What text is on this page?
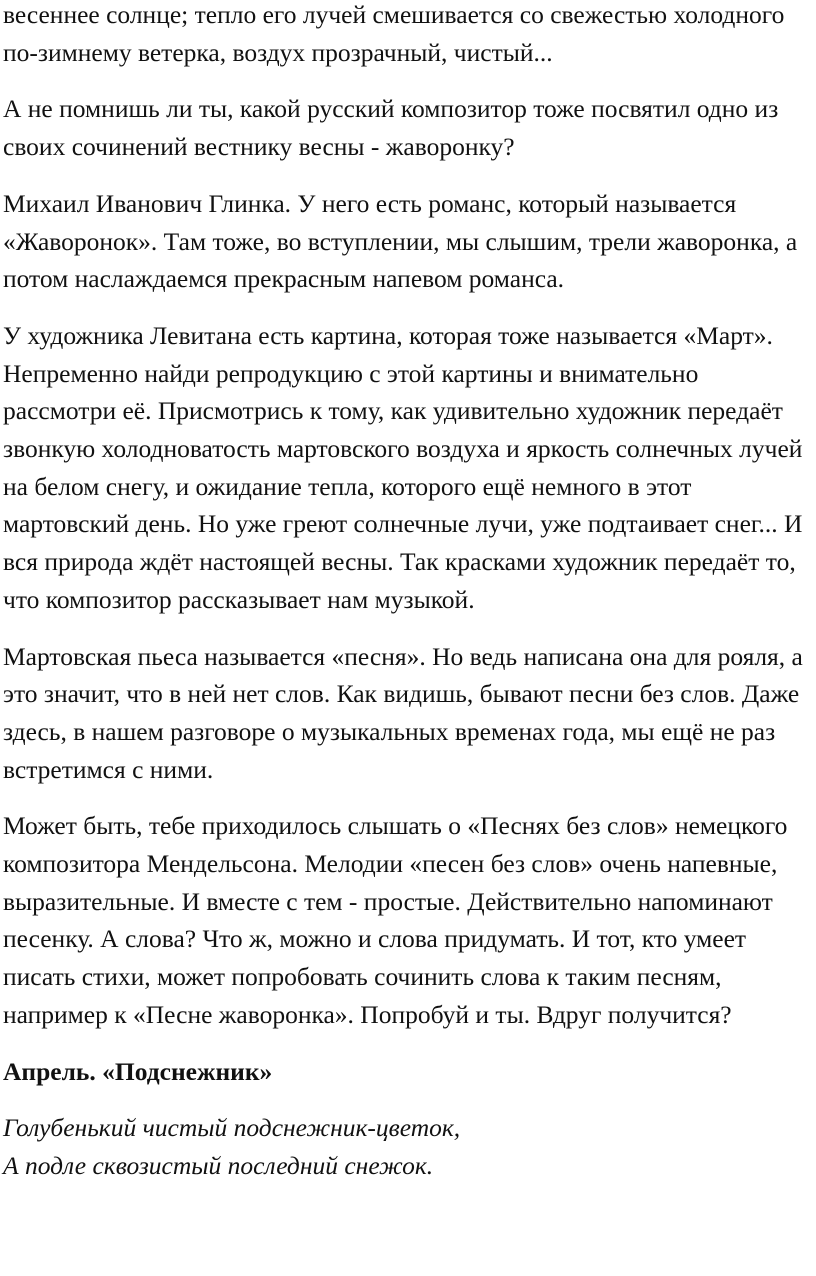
весеннее солнце; тепло его лучей смешивается со свежестью холодного по-зимнему ветерка, воздух прозрачный, чистый...

А не помнишь ли ты, какой русский композитор тоже посвятил одно из своих сочинений вестнику весны - жаворонку?

Михаил Иванович Глинка. У него есть романс, который называется «Жаворонок». Там тоже, во вступлении, мы слышим, трели жаворонка, а потом наслаждаемся прекрасным напевом романса.

У художника Левитана есть картина, которая тоже называется «Март». Непременно найди репродукцию с этой картины и внимательно рассмотри её. Присмотрись к тому, как удивительно художник передаёт звонкую холодноватость мартовского воздуха и яркость солнечных лучей на белом снегу, и ожидание тепла, которого ещё немного в этот мартовский день. Но уже греют солнечные лучи, уже подтаивает снег... И вся природа ждёт настоящей весны. Так красками художник передаёт то, что композитор рассказывает нам музыкой.

Мартовская пьеса называется «песня». Но ведь написана она для рояля, а это значит, что в ней нет слов. Как видишь, бывают песни без слов. Даже здесь, в нашем разговоре о музыкальных временах года, мы ещё не раз встретимся с ними.

Может быть, тебе приходилось слышать о «Песнях без слов» немецкого композитора Мендельсона. Мелодии «песен без слов» очень напевные, выразительные. И вместе с тем - простые. Действительно напоминают песенку. А слова? Что ж, можно и слова придумать. И тот, кто умеет писать стихи, может попробовать сочинить слова к таким песням, например к «Песне жаворонка». Попробуй и ты. Вдруг получится?

Апрель. «Подснежник»

Голубенький чистый подснежник-цветок,
А подле сквозистый последний снежок.
